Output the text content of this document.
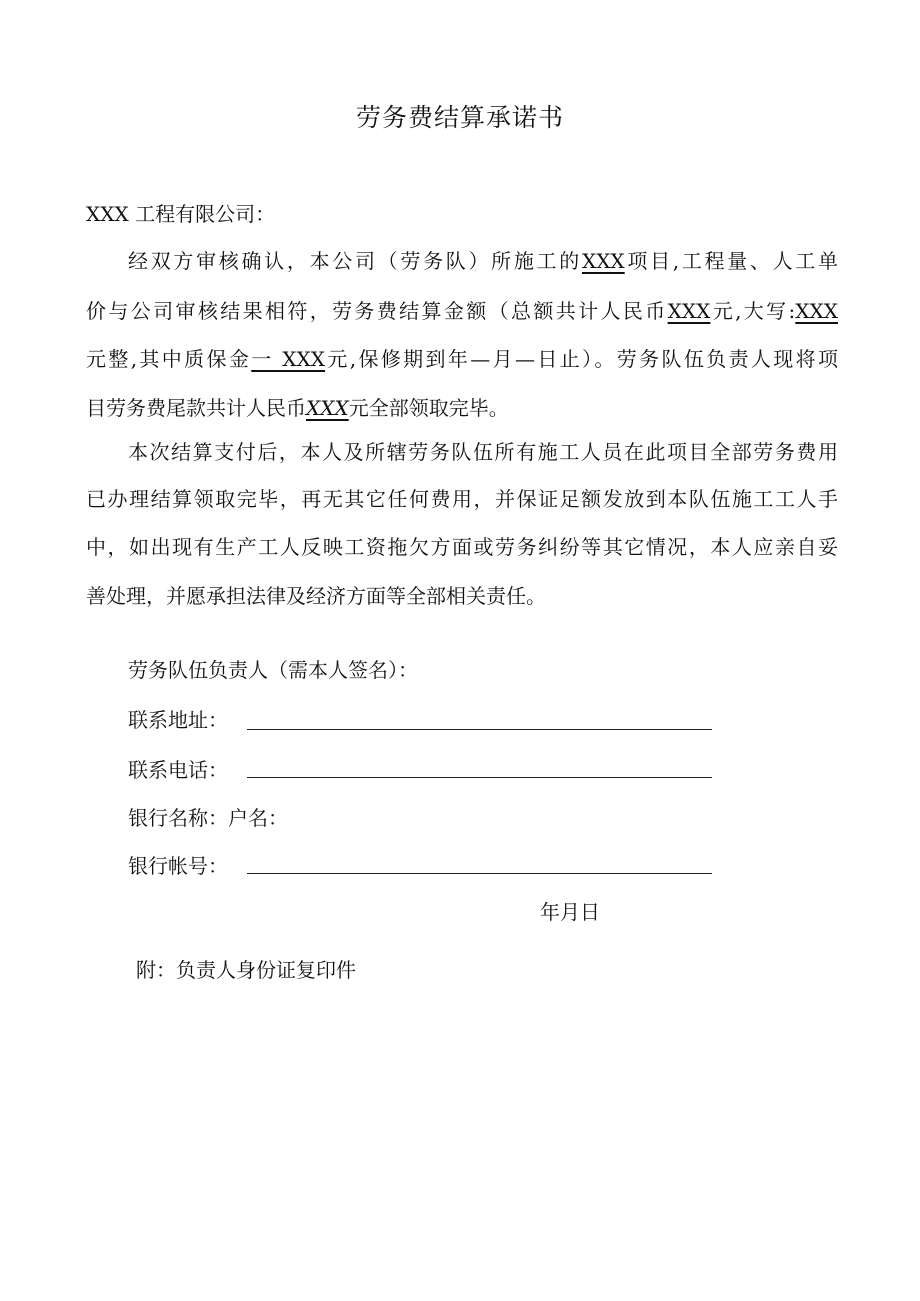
劳务费结算承诺书
XXX 工程有限公司：
经双方审核确认，本公司（劳务队）所施工的XXX项目,工程量、人工单
价与公司审核结果相符，劳务费结算金额（总额共计人民币XXX元,大写:XXX
元整,其中质保金一 XXX元,保修期到年—月—日止）。劳务队伍负责人现将项
目劳务费尾款共计人民币XXX元全部领取完毕。
本次结算支付后，本人及所辖劳务队伍所有施工人员在此项目全部劳务费用
已办理结算领取完毕，再无其它任何费用，并保证足额发放到本队伍施工工人手
中，如出现有生产工人反映工资拖欠方面或劳务纠纷等其它情况，本人应亲自妥
善处理，并愿承担法律及经济方面等全部相关责任。
劳务队伍负责人（需本人签名）：
联系地址：
联系电话：
银行名称：户名：
银行帐号：
年月日
附：负责人身份证复印件
